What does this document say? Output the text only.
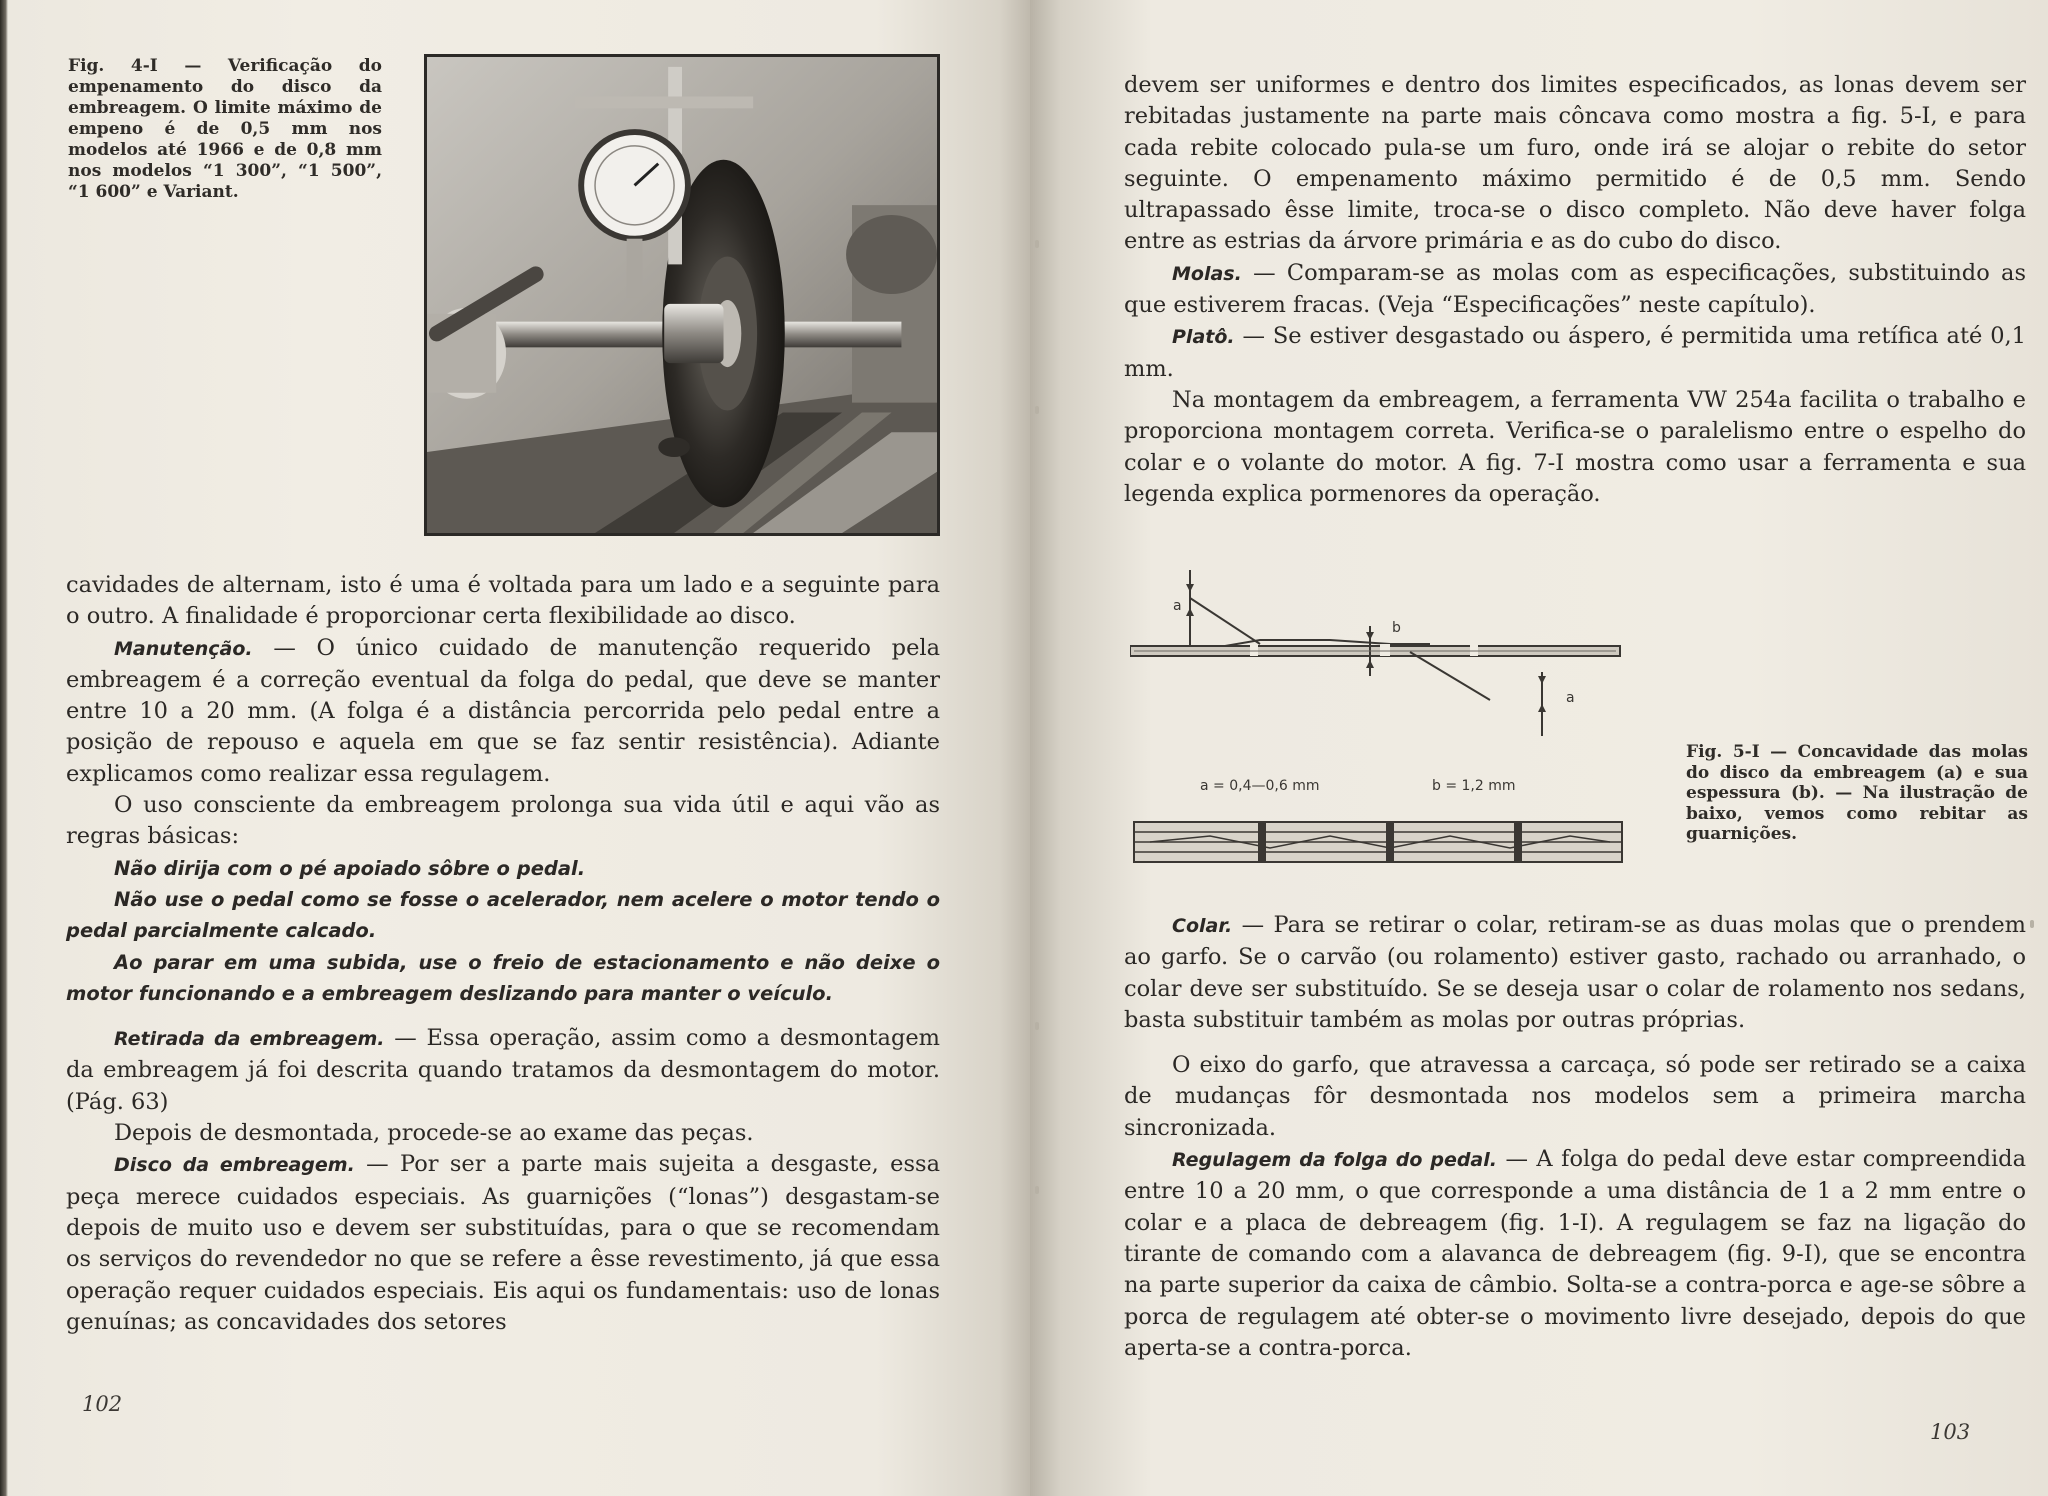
Fig. 4-I — Verificação do empenamento do disco da embreagem. O limite máximo de empeno é de 0,5 mm nos modelos até 1966 e de 0,8 mm nos modelos “1 300”, “1 500”, “1 600” e Variant.

cavidades de alternam, isto é uma é voltada para um lado e a seguinte para o outro. A finalidade é proporcionar certa flexibilidade ao disco.

Manutenção. — O único cuidado de manutenção requerido pela embreagem é a correção eventual da folga do pedal, que deve se manter entre 10 a 20 mm. (A folga é a distância percorrida pelo pedal entre a posição de repouso e aquela em que se faz sentir resistência). Adiante explicamos como realizar essa regulagem.

O uso consciente da embreagem prolonga sua vida útil e aqui vão as regras básicas:

Não dirija com o pé apoiado sôbre o pedal.

Não use o pedal como se fosse o acelerador, nem acelere o motor tendo o pedal parcialmente calcado.

Ao parar em uma subida, use o freio de estacionamento e não deixe o motor funcionando e a embreagem deslizando para manter o veículo.

Retirada da embreagem. — Essa operação, assim como a desmontagem da embreagem já foi descrita quando tratamos da desmontagem do motor. (Pág. 63)

Depois de desmontada, procede-se ao exame das peças.

Disco da embreagem. — Por ser a parte mais sujeita a desgaste, essa peça merece cuidados especiais. As guarnições (“lonas”) desgastam-se depois de muito uso e devem ser substituídas, para o que se recomendam os serviços do revendedor no que se refere a êsse revestimento, já que essa operação requer cuidados especiais. Eis aqui os fundamentais: uso de lonas genuínas; as concavidades dos setores

102

devem ser uniformes e dentro dos limites especificados, as lonas devem ser rebitadas justamente na parte mais côncava como mostra a fig. 5-I, e para cada rebite colocado pula-se um furo, onde irá se alojar o rebite do setor seguinte. O empenamento máximo permitido é de 0,5 mm. Sendo ultrapassado êsse limite, troca-se o disco completo. Não deve haver folga entre as estrias da árvore primária e as do cubo do disco.

Molas. — Comparam-se as molas com as especificações, substituindo as que estiverem fracas. (Veja “Especificações” neste capítulo).

Platô. — Se estiver desgastado ou áspero, é permitida uma retífica até 0,1 mm.

Na montagem da embreagem, a ferramenta VW 254a facilita o trabalho e proporciona montagem correta. Verifica-se o paralelismo entre o espelho do colar e o volante do motor. A fig. 7-I mostra como usar a ferramenta e sua legenda explica pormenores da operação.

Fig. 5-I — Concavidade das molas do disco da embreagem (a) e sua espessura (b). — Na ilustração de baixo, vemos como rebitar as guarnições.

Colar. — Para se retirar o colar, retiram-se as duas molas que o prendem ao garfo. Se o carvão (ou rolamento) estiver gasto, rachado ou arranhado, o colar deve ser substituído. Se se deseja usar o colar de rolamento nos sedans, basta substituir também as molas por outras próprias.

O eixo do garfo, que atravessa a carcaça, só pode ser retirado se a caixa de mudanças fôr desmontada nos modelos sem a primeira marcha sincronizada.

Regulagem da folga do pedal. — A folga do pedal deve estar compreendida entre 10 a 20 mm, o que corresponde a uma distância de 1 a 2 mm entre o colar e a placa de debreagem (fig. 1-I). A regulagem se faz na ligação do tirante de comando com a alavanca de debreagem (fig. 9-I), que se encontra na parte superior da caixa de câmbio. Solta-se a contra-porca e age-se sôbre a porca de regulagem até obter-se o movimento livre desejado, depois do que aperta-se a contra-porca.

103
a
b
a
a = 0,4—0,6 mm	b = 1,2 mm
